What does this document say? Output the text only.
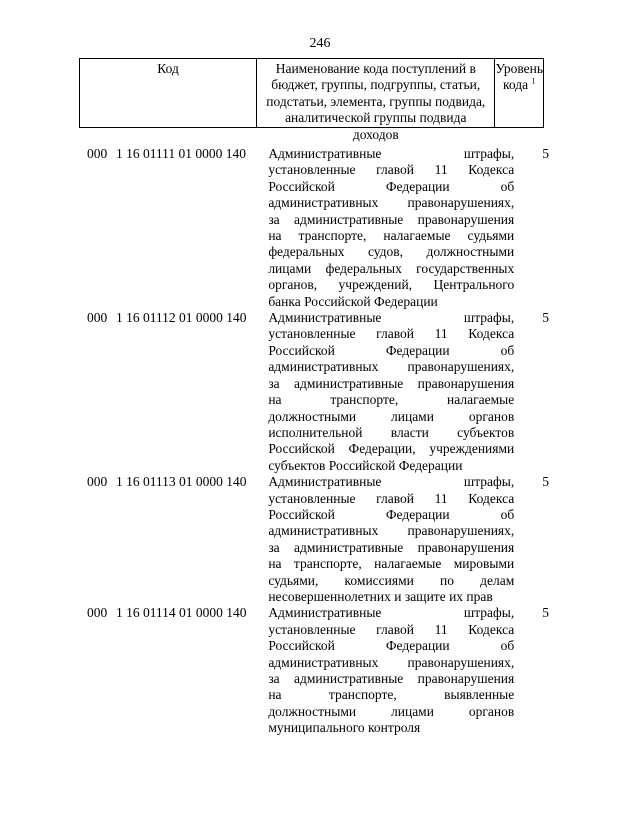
246
Код	Наименование кода поступлений в
бюджет, группы, подгруппы, статьи,
подстатьи, элемента, группы подвида,
аналитической группы подвида доходов
Уровень
кода $^1$
000 1 16 01111 01 0000 140	Административные штрафы,
установленные главой 11 Кодекса
Российской Федерации об
административных правонарушениях,
за административные правонарушения
на транспорте, налагаемые судьями
федеральных судов, должностными
лицами федеральных государственных
органов, учреждений, Центрального
банка Российской Федерации
5
000 1 16 01112 01 0000 140	Административные штрафы,
установленные главой 11 Кодекса
Российской Федерации об
административных правонарушениях,
за административные правонарушения
на транспорте, налагаемые
должностными лицами органов
исполнительной власти субъектов
Российской Федерации, учреждениями
субъектов Российской Федерации
5
000 1 16 01113 01 0000 140	Административные штрафы,
установленные главой 11 Кодекса
Российской Федерации об
административных правонарушениях,
за административные правонарушения
на транспорте, налагаемые мировыми
судьями, комиссиями по делам
несовершеннолетних и защите их прав
5
000 1 16 01114 01 0000 140	Административные штрафы,
установленные главой 11 Кодекса
Российской Федерации об
административных правонарушениях,
за административные правонарушения
на транспорте, выявленные
должностными лицами органов
муниципального контроля
5
